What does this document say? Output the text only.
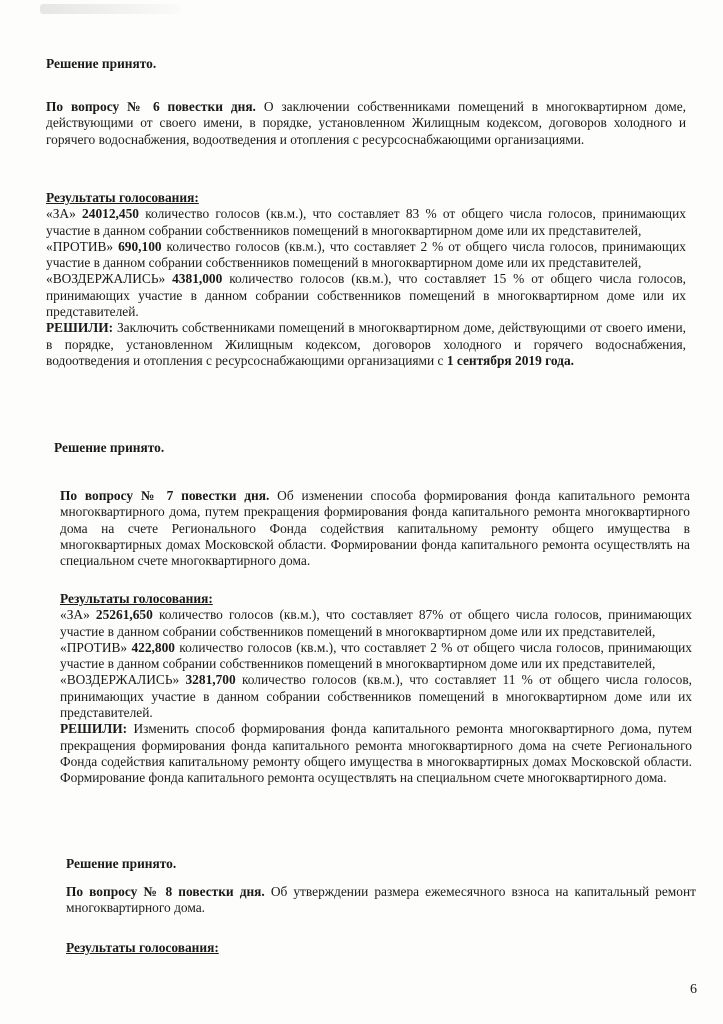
Решение принято.

По вопросу № 6 повестки дня. О заключении собственниками помещений в многоквартирном доме, действующими от своего имени, в порядке, установленном Жилищным кодексом, договоров холодного и горячего водоснабжения, водоотведения и отопления с ресурсоснабжающими организациями.

Результаты голосования:
«ЗА» 24012,450 количество голосов (кв.м.), что составляет 83 % от общего числа голосов, принимающих участие в данном собрании собственников помещений в многоквартирном доме или их представителей,
«ПРОТИВ» 690,100 количество голосов (кв.м.), что составляет 2 % от общего числа голосов, принимающих участие в данном собрании собственников помещений в многоквартирном доме или их представителей,
«ВОЗДЕРЖАЛИСЬ» 4381,000 количество голосов (кв.м.), что составляет 15 % от общего числа голосов, принимающих участие в данном собрании собственников помещений в многоквартирном доме или их представителей.
РЕШИЛИ: Заключить собственниками помещений в многоквартирном доме, действующими от своего имени, в порядке, установленном Жилищным кодексом, договоров холодного и горячего водоснабжения, водоотведения и отопления с ресурсоснабжающими организациями с 1 сентября 2019 года.

Решение принято.

По вопросу № 7 повестки дня. Об изменении способа формирования фонда капитального ремонта многоквартирного дома, путем прекращения формирования фонда капитального ремонта многоквартирного дома на счете Регионального Фонда содействия капитальному ремонту общего имущества в многоквартирных домах Московской области. Формировании фонда капитального ремонта осуществлять на специальном счете многоквартирного дома.

Результаты голосования:
«ЗА» 25261,650 количество голосов (кв.м.), что составляет 87% от общего числа голосов, принимающих участие в данном собрании собственников помещений в многоквартирном доме или их представителей,
«ПРОТИВ» 422,800 количество голосов (кв.м.), что составляет 2 % от общего числа голосов, принимающих участие в данном собрании собственников помещений в многоквартирном доме или их представителей,
«ВОЗДЕРЖАЛИСЬ» 3281,700 количество голосов (кв.м.), что составляет 11 % от общего числа голосов, принимающих участие в данном собрании собственников помещений в многоквартирном доме или их представителей.
РЕШИЛИ: Изменить способ формирования фонда капитального ремонта многоквартирного дома, путем прекращения формирования фонда капитального ремонта многоквартирного дома на счете Регионального Фонда содействия капитальному ремонту общего имущества в многоквартирных домах Московской области. Формирование фонда капитального ремонта осуществлять на специальном счете многоквартирного дома.

Решение принято.

По вопросу № 8 повестки дня. Об утверждении размера ежемесячного взноса на капитальный ремонт многоквартирного дома.

Результаты голосования:

6
